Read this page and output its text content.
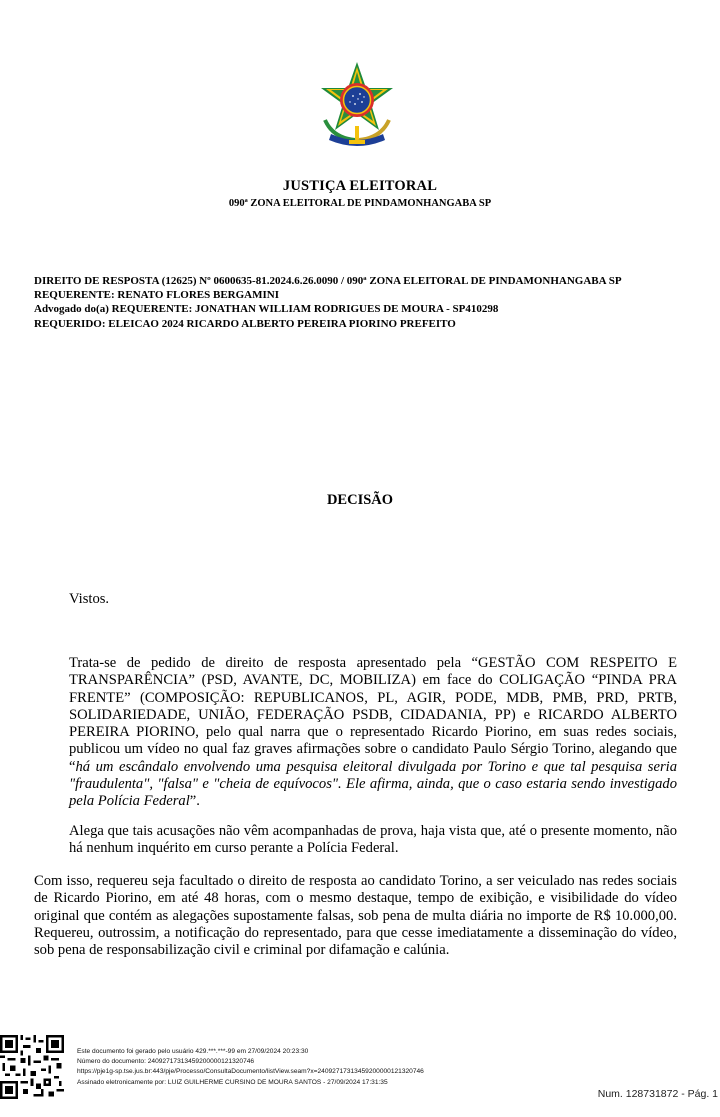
JUSTIÇA ELEITORAL
090ª ZONA ELEITORAL DE PINDAMONHANGABA SP
DIREITO DE RESPOSTA (12625) Nº 0600635-81.2024.6.26.0090 / 090ª ZONA ELEITORAL DE PINDAMONHANGABA SP
REQUERENTE: RENATO FLORES BERGAMINI
Advogado do(a) REQUERENTE: JONATHAN WILLIAM RODRIGUES DE MOURA - SP410298
REQUERIDO: ELEICAO 2024 RICARDO ALBERTO PEREIRA PIORINO PREFEITO
DECISÃO
Vistos.
Trata-se de pedido de direito de resposta apresentado pela “GESTÃO COM RESPEITO E TRANSPARÊNCIA” (PSD, AVANTE, DC, MOBILIZA) em face do COLIGAÇÃO “PINDA PRA FRENTE” (COMPOSIÇÃO: REPUBLICANOS, PL, AGIR, PODE, MDB, PMB, PRD, PRTB, SOLIDARIEDADE, UNIÃO, FEDERAÇÃO PSDB, CIDADANIA, PP) e RICARDO ALBERTO PEREIRA PIORINO, pelo qual narra que o representado Ricardo Piorino, em suas redes sociais, publicou um vídeo no qual faz graves afirmações sobre o candidato Paulo Sérgio Torino, alegando que “há um escândalo envolvendo uma pesquisa eleitoral divulgada por Torino e que tal pesquisa seria "fraudulenta", "falsa" e "cheia de equívocos". Ele afirma, ainda, que o caso estaria sendo investigado pela Polícia Federal”.
Alega que tais acusações não vêm acompanhadas de prova, haja vista que, até o presente momento, não há nenhum inquérito em curso perante a Polícia Federal.
Com isso, requereu seja facultado o direito de resposta ao candidato Torino, a ser veiculado nas redes sociais de Ricardo Piorino, em até 48 horas, com o mesmo destaque, tempo de exibição, e visibilidade do vídeo original que contém as alegações supostamente falsas, sob pena de multa diária no importe de R$ 10.000,00. Requereu, outrossim, a notificação do representado, para que cesse imediatamente a disseminação do vídeo, sob pena de responsabilização civil e criminal por difamação e calúnia.
Este documento foi gerado pelo usuário 429.***.***-99 em 27/09/2024 20:23:30
Número do documento: 24092717313459200000121320746
https://pje1g-sp.tse.jus.br:443/pje/Processo/ConsultaDocumento/listView.seam?x=24092717313459200000121320746
Assinado eletronicamente por: LUIZ GUILHERME CURSINO DE MOURA SANTOS - 27/09/2024 17:31:35
Num. 128731872 - Pág. 1
